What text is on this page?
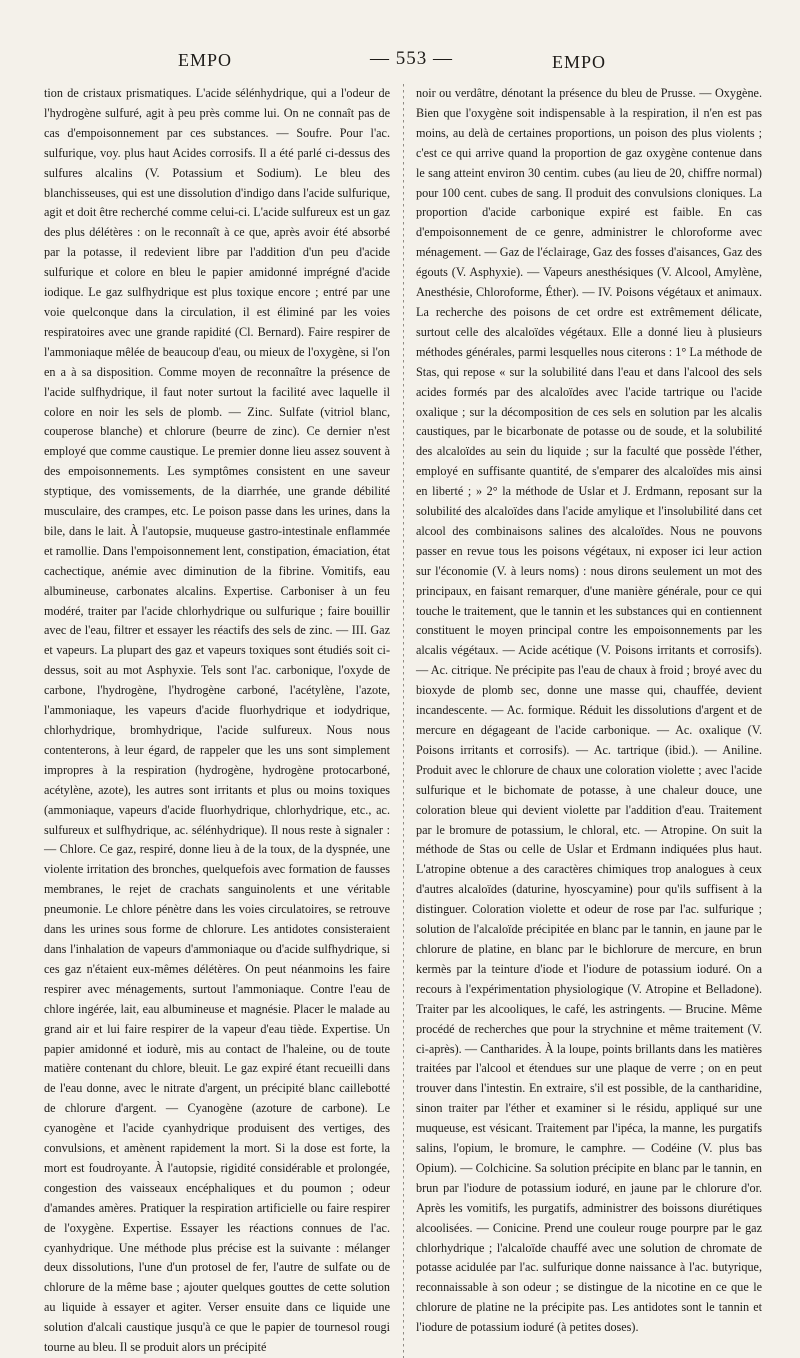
EMPO	— 553 —	EMPO

tion de cristaux prismatiques. L'acide sélénhydrique, qui a l'odeur de l'hydrogène sulfuré, agit à peu près comme lui. On ne connaît pas de cas d'empoisonnement par ces substances. — Soufre. Pour l'ac. sulfurique, voy. plus haut Acides corrosifs. Il a été parlé ci-dessus des sulfures alcalins (V. Potassium et Sodium). Le bleu des blanchisseuses, qui est une dissolution d'indigo dans l'acide sulfurique, agit et doit être recherché comme celui-ci. L'acide sulfureux est un gaz des plus délétères : on le reconnaît à ce que, après avoir été absorbé par la potasse, il redevient libre par l'addition d'un peu d'acide sulfurique et colore en bleu le papier amidonné imprégné d'acide iodique. Le gaz sulfhydrique est plus toxique encore ; entré par une voie quelconque dans la circulation, il est éliminé par les voies respiratoires avec une grande rapidité (Cl. Bernard). Faire respirer de l'ammoniaque mêlée de beaucoup d'eau, ou mieux de l'oxygène, si l'on en a à sa disposition. Comme moyen de reconnaître la présence de l'acide sulfhydrique, il faut noter surtout la facilité avec laquelle il colore en noir les sels de plomb. — Zinc. Sulfate (vitriol blanc, couperose blanche) et chlorure (beurre de zinc). Ce dernier n'est employé que comme caustique. Le premier donne lieu assez souvent à des empoisonnements. Les symptômes consistent en une saveur styptique, des vomissements, de la diarrhée, une grande débilité musculaire, des crampes, etc. Le poison passe dans les urines, dans la bile, dans le lait. À l'autopsie, muqueuse gastro-intestinale enflammée et ramollie. Dans l'empoisonnement lent, constipation, émaciation, état cachectique, anémie avec diminution de la fibrine. Vomitifs, eau albumineuse, carbonates alcalins. Expertise. Carboniser à un feu modéré, traiter par l'acide chlorhydrique ou sulfurique ; faire bouillir avec de l'eau, filtrer et essayer les réactifs des sels de zinc. — III. Gaz et vapeurs. La plupart des gaz et vapeurs toxiques sont étudiés soit ci-dessus, soit au mot Asphyxie. Tels sont l'ac. carbonique, l'oxyde de carbone, l'hydrogène, l'hydrogène carboné, l'acétylène, l'azote, l'ammoniaque, les vapeurs d'acide fluorhydrique et iodydrique, chlorhydrique, bromhydrique, l'acide sulfureux. Nous nous contenterons, à leur égard, de rappeler que les uns sont simplement impropres à la respiration (hydrogène, hydrogène protocarboné, acétylène, azote), les autres sont irritants et plus ou moins toxiques (ammoniaque, vapeurs d'acide fluorhydrique, chlorhydrique, etc., ac. sulfureux et sulfhydrique, ac. sélénhydrique). Il nous reste à signaler : — Chlore. Ce gaz, respiré, donne lieu à de la toux, de la dyspnée, une violente irritation des bronches, quelquefois avec formation de fausses membranes, le rejet de crachats sanguinolents et une véritable pneumonie. Le chlore pénètre dans les voies circulatoires, se retrouve dans les urines sous forme de chlorure. Les antidotes consisteraient dans l'inhalation de vapeurs d'ammoniaque ou d'acide sulfhydrique, si ces gaz n'étaient eux-mêmes délétères. On peut néanmoins les faire respirer avec ménagements, surtout l'ammoniaque. Contre l'eau de chlore ingérée, lait, eau albumineuse et magnésie. Placer le malade au grand air et lui faire respirer de la vapeur d'eau tiède. Expertise. Un papier amidonné et iodurè, mis au contact de l'haleine, ou de toute matière contenant du chlore, bleuit. Le gaz expiré étant recueilli dans de l'eau donne, avec le nitrate d'argent, un précipité blanc caillebotté de chlorure d'argent. — Cyanogène (azoture de carbone). Le cyanogène et l'acide cyanhydrique produisent des vertiges, des convulsions, et amènent rapidement la mort. Si la dose est forte, la mort est foudroyante. À l'autopsie, rigidité considérable et prolongée, congestion des vaisseaux encéphaliques et du poumon ; odeur d'amandes amères. Pratiquer la respiration artificielle ou faire respirer de l'oxygène. Expertise. Essayer les réactions connues de l'ac. cyanhydrique. Une méthode plus précise est la suivante : mélanger deux dissolutions, l'une d'un protosel de fer, l'autre de sulfate ou de chlorure de la même base ; ajouter quelques gouttes de cette solution au liquide à essayer et agiter. Verser ensuite dans ce liquide une solution d'alcali caustique jusqu'à ce que le papier de tournesol rougi tourne au bleu. Il se produit alors un précipité

noir ou verdâtre, dénotant la présence du bleu de Prusse. — Oxygène. Bien que l'oxygène soit indispensable à la respiration, il n'en est pas moins, au delà de certaines proportions, un poison des plus violents ; c'est ce qui arrive quand la proportion de gaz oxygène contenue dans le sang atteint environ 30 centim. cubes (au lieu de 20, chiffre normal) pour 100 cent. cubes de sang. Il produit des convulsions cloniques. La proportion d'acide carbonique expiré est faible. En cas d'empoisonnement de ce genre, administrer le chloroforme avec ménagement. — Gaz de l'éclairage, Gaz des fosses d'aisances, Gaz des égouts (V. Asphyxie). — Vapeurs anesthésiques (V. Alcool, Amylène, Anesthésie, Chloroforme, Éther). — IV. Poisons végétaux et animaux. La recherche des poisons de cet ordre est extrêmement délicate, surtout celle des alcaloïdes végétaux. Elle a donné lieu à plusieurs méthodes générales, parmi lesquelles nous citerons : 1° La méthode de Stas, qui repose « sur la solubilité dans l'eau et dans l'alcool des sels acides formés par des alcaloïdes avec l'acide tartrique ou l'acide oxalique ; sur la décomposition de ces sels en solution par les alcalis caustiques, par le bicarbonate de potasse ou de soude, et la solubilité des alcaloïdes au sein du liquide ; sur la faculté que possède l'éther, employé en suffisante quantité, de s'emparer des alcaloïdes mis ainsi en liberté ; » 2° la méthode de Uslar et J. Erdmann, reposant sur la solubilité des alcaloïdes dans l'acide amylique et l'insolubilité dans cet alcool des combinaisons salines des alcaloïdes. Nous ne pouvons passer en revue tous les poisons végétaux, ni exposer ici leur action sur l'économie (V. à leurs noms) : nous dirons seulement un mot des principaux, en faisant remarquer, d'une manière générale, pour ce qui touche le traitement, que le tannin et les substances qui en contiennent constituent le moyen principal contre les empoisonnements par les alcalis végétaux. — Acide acétique (V. Poisons irritants et corrosifs). — Ac. citrique. Ne précipite pas l'eau de chaux à froid ; broyé avec du bioxyde de plomb sec, donne une masse qui, chauffée, devient incandescente. — Ac. formique. Réduit les dissolutions d'argent et de mercure en dégageant de l'acide carbonique. — Ac. oxalique (V. Poisons irritants et corrosifs). — Ac. tartrique (ibid.). — Aniline. Produit avec le chlorure de chaux une coloration violette ; avec l'acide sulfurique et le bichomate de potasse, à une chaleur douce, une coloration bleue qui devient violette par l'addition d'eau. Traitement par le bromure de potassium, le chloral, etc. — Atropine. On suit la méthode de Stas ou celle de Uslar et Erdmann indiquées plus haut. L'atropine obtenue a des caractères chimiques trop analogues à ceux d'autres alcaloïdes (daturine, hyoscyamine) pour qu'ils suffisent à la distinguer. Coloration violette et odeur de rose par l'ac. sulfurique ; solution de l'alcaloïde précipitée en blanc par le tannin, en jaune par le chlorure de platine, en blanc par le bichlorure de mercure, en brun kermès par la teinture d'iode et l'iodure de potassium ioduré. On a recours à l'expérimentation physiologique (V. Atropine et Belladone). Traiter par les alcooliques, le café, les astringents. — Brucine. Même procédé de recherches que pour la strychnine et même traitement (V. ci-après). — Cantharides. À la loupe, points brillants dans les matières traitées par l'alcool et étendues sur une plaque de verre ; on en peut trouver dans l'intestin. En extraire, s'il est possible, de la cantharidine, sinon traiter par l'éther et examiner si le résidu, appliqué sur une muqueuse, est vésicant. Traitement par l'ipéca, la manne, les purgatifs salins, l'opium, le bromure, le camphre. — Codéine (V. plus bas Opium). — Colchicine. Sa solution précipite en blanc par le tannin, en brun par l'iodure de potassium ioduré, en jaune par le chlorure d'or. Après les vomitifs, les purgatifs, administrer des boissons diurétiques alcoolisées. — Conicine. Prend une couleur rouge pourpre par le gaz chlorhydrique ; l'alcaloïde chauffé avec une solution de chromate de potasse acidulée par l'ac. sulfurique donne naissance à l'ac. butyrique, reconnaissable à son odeur ; se distingue de la nicotine en ce que le chlorure de platine ne la précipite pas. Les antidotes sont le tannin et l'iodure de potassium ioduré (à petites doses).
